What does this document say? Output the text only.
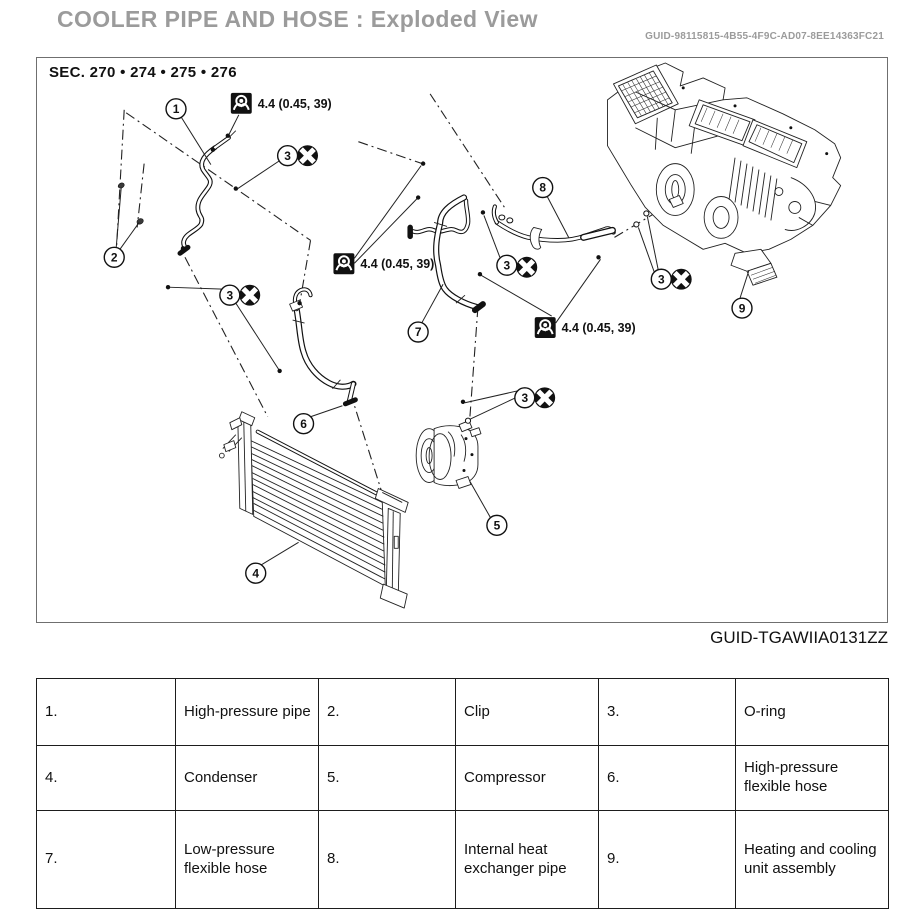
COOLER PIPE AND HOSE : Exploded View
GUID-98115815-4B55-4F9C-AD07-8EE14363FC21
SEC. 270 • 274 • 275 • 276
4.4 (0.45, 39)
4.4 (0.45, 39)
4.4 (0.45, 39)
1
2
3
3
3
3
3
4
5
6
7
8
9
GUID-TGAWIIA0131ZZ
1.	High-pressure pipe	2.	Clip	3.	O-ring
4.	Condenser	5.	Compressor	6.	High-pressure flexible hose
7.	Low-pressure flexible hose	8.	Internal heat exchanger pipe	9.	Heating and cooling unit assembly
